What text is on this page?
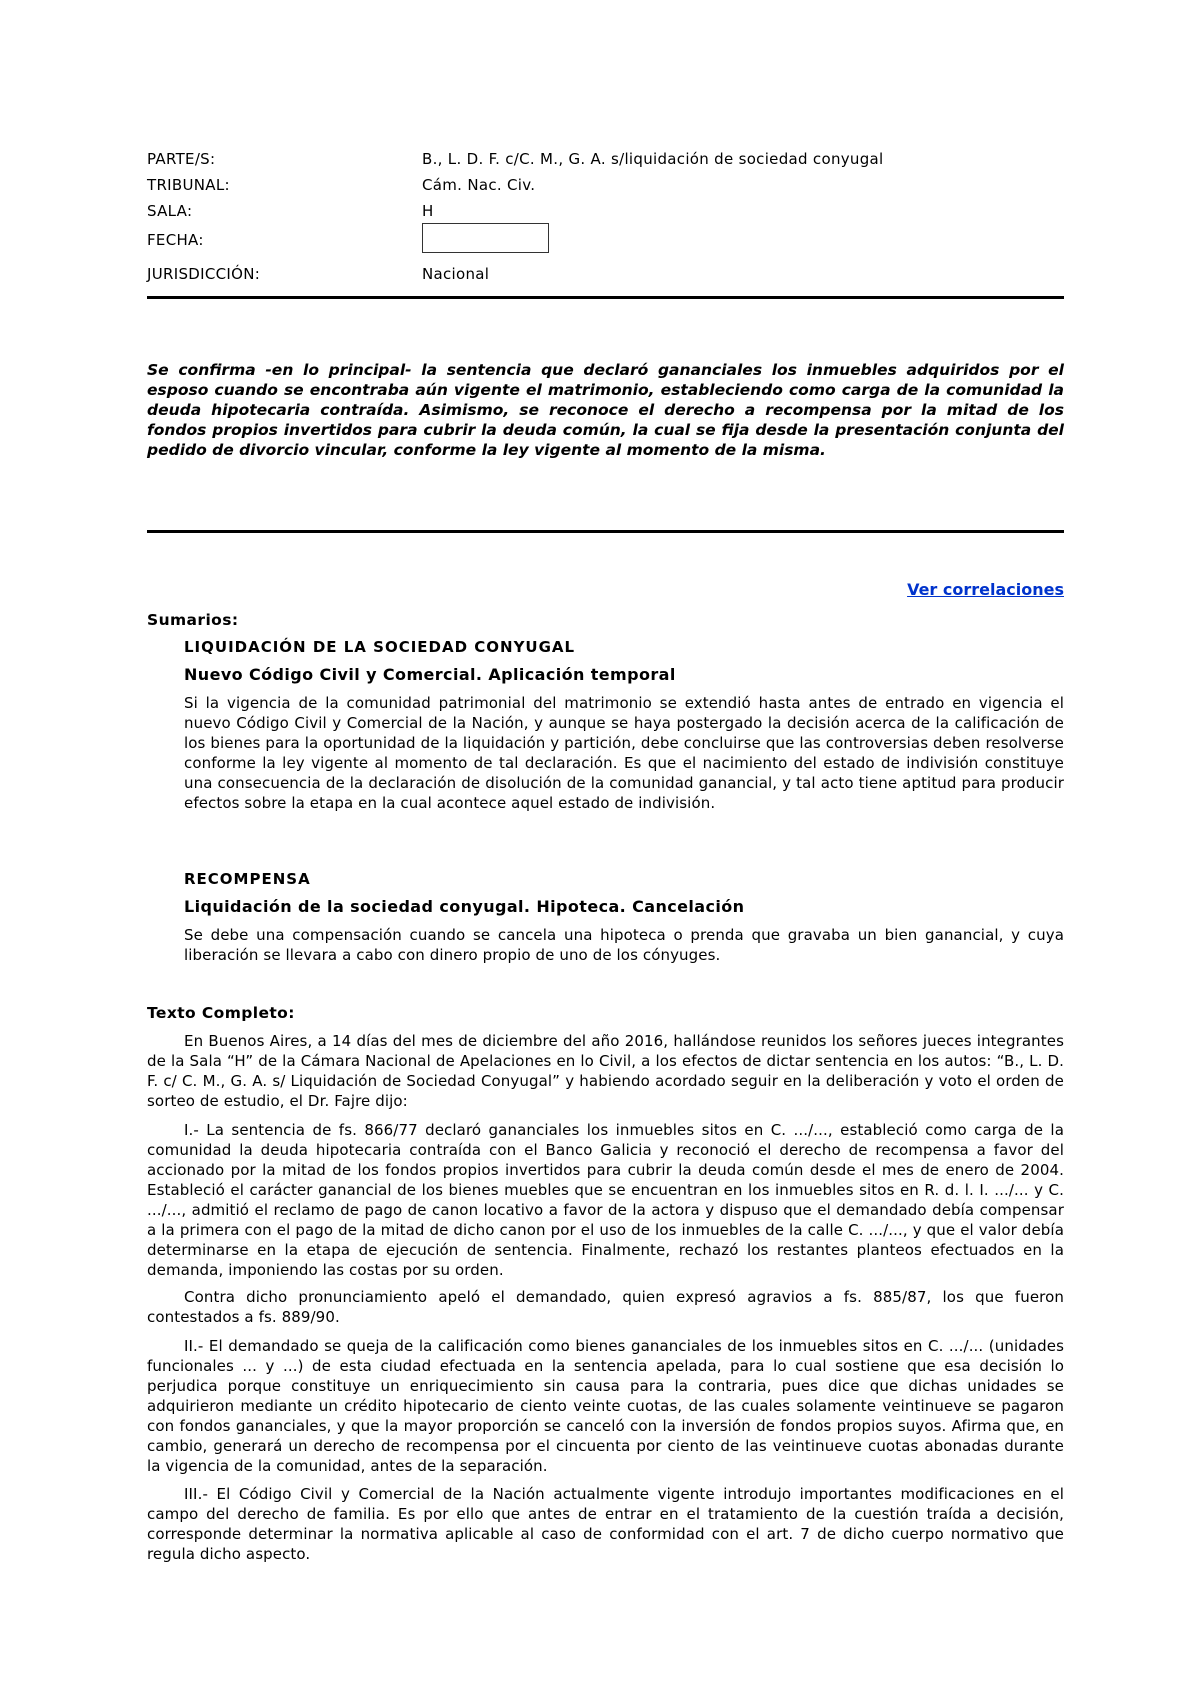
PARTE/S:	B., L. D. F. c/C. M., G. A. s/liquidación de sociedad conyugal
TRIBUNAL:	Cám. Nac. Civ.
SALA:	H
FECHA:
JURISDICCIÓN:	Nacional

Se confirma -en lo principal- la sentencia que declaró gananciales los inmuebles adquiridos por el esposo cuando se encontraba aún vigente el matrimonio, estableciendo como carga de la comunidad la deuda hipotecaria contraída. Asimismo, se reconoce el derecho a recompensa por la mitad de los fondos propios invertidos para cubrir la deuda común, la cual se fija desde la presentación conjunta del pedido de divorcio vincular, conforme la ley vigente al momento de la misma.

Ver correlaciones
Sumarios:
LIQUIDACIÓN DE LA SOCIEDAD CONYUGAL
Nuevo Código Civil y Comercial. Aplicación temporal

Si la vigencia de la comunidad patrimonial del matrimonio se extendió hasta antes de entrado en vigencia el nuevo Código Civil y Comercial de la Nación, y aunque se haya postergado la decisión acerca de la calificación de los bienes para la oportunidad de la liquidación y partición, debe concluirse que las controversias deben resolverse conforme la ley vigente al momento de tal declaración. Es que el nacimiento del estado de indivisión constituye una consecuencia de la declaración de disolución de la comunidad ganancial, y tal acto tiene aptitud para producir efectos sobre la etapa en la cual acontece aquel estado de indivisión.

RECOMPENSA
Liquidación de la sociedad conyugal. Hipoteca. Cancelación

Se debe una compensación cuando se cancela una hipoteca o prenda que gravaba un bien ganancial, y cuya liberación se llevara a cabo con dinero propio de uno de los cónyuges.

Texto Completo:

En Buenos Aires, a 14 días del mes de diciembre del año 2016, hallándose reunidos los señores jueces integrantes de la Sala “H” de la Cámara Nacional de Apelaciones en lo Civil, a los efectos de dictar sentencia en los autos: “B., L. D. F. c/ C. M., G. A. s/ Liquidación de Sociedad Conyugal” y habiendo acordado seguir en la deliberación y voto el orden de sorteo de estudio, el Dr. Fajre dijo:

I.- La sentencia de fs. 866/77 declaró gananciales los inmuebles sitos en C. .../..., estableció como carga de la comunidad la deuda hipotecaria contraída con el Banco Galicia y reconoció el derecho de recompensa a favor del accionado por la mitad de los fondos propios invertidos para cubrir la deuda común desde el mes de enero de 2004. Estableció el carácter ganancial de los bienes muebles que se encuentran en los inmuebles sitos en R. d. l. I. .../... y C. .../..., admitió el reclamo de pago de canon locativo a favor de la actora y dispuso que el demandado debía compensar a la primera con el pago de la mitad de dicho canon por el uso de los inmuebles de la calle C. .../..., y que el valor debía determinarse en la etapa de ejecución de sentencia. Finalmente, rechazó los restantes planteos efectuados en la demanda, imponiendo las costas por su orden.

Contra dicho pronunciamiento apeló el demandado, quien expresó agravios a fs. 885/87, los que fueron contestados a fs. 889/90.

II.- El demandado se queja de la calificación como bienes gananciales de los inmuebles sitos en C. .../... (unidades funcionales ... y ...) de esta ciudad efectuada en la sentencia apelada, para lo cual sostiene que esa decisión lo perjudica porque constituye un enriquecimiento sin causa para la contraria, pues dice que dichas unidades se adquirieron mediante un crédito hipotecario de ciento veinte cuotas, de las cuales solamente veintinueve se pagaron con fondos gananciales, y que la mayor proporción se canceló con la inversión de fondos propios suyos. Afirma que, en cambio, generará un derecho de recompensa por el cincuenta por ciento de las veintinueve cuotas abonadas durante la vigencia de la comunidad, antes de la separación.

III.- El Código Civil y Comercial de la Nación actualmente vigente introdujo importantes modificaciones en el campo del derecho de familia. Es por ello que antes de entrar en el tratamiento de la cuestión traída a decisión, corresponde determinar la normativa aplicable al caso de conformidad con el art. 7 de dicho cuerpo normativo que regula dicho aspecto.
